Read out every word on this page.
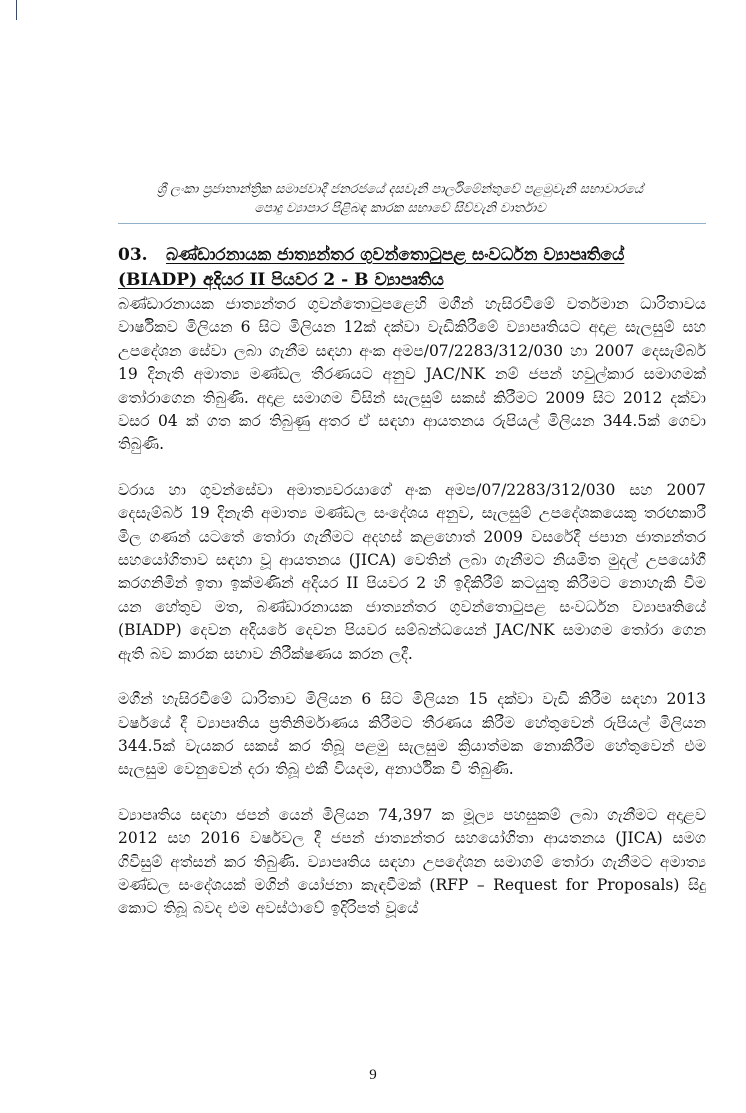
ශ්‍රී ලංකා ප්‍රජාතාන්ත්‍රික සමාජවාදී ජනරජයේ දසවැනි පාර්ලිමේන්තුවේ පළමුවැනි සභාවාරයේ
පොදු ව්‍යාපාර පිළිබඳ කාරක සභාවේ සිව්වැනි වාර්තාව
03. බණ්ඩාරනායක ජාත්‍යන්තර ගුවන්තොටුපළ සංවර්ධන ව්‍යාපෘතියේ (BIADP) අදියර II පියවර 2 - B ව්‍යාපෘතිය

බණ්ඩාරනායක ජාත්‍යන්තර ගුවන්තොටුපළෙහි මගීන් හැසිරවීමේ වර්තමාන ධාරිතාවය වාර්ෂිකව මිලියන 6 සිට මිලියන 12ක් දක්වා වැඩිකිරීමේ ව්‍යාපෘතියට අදාළ සැලසුම් සහ උපදේශන සේවා ලබා ගැනීම සඳහා අංක අමප/07/2283/312/030 හා 2007 දෙසැම්බර් 19 දිනැති අමාත්‍ය මණ්ඩල තීරණයට අනුව JAC/NK නම් ජපන් හවුල්කාර සමාගමක් තෝරාගෙන තිබුණි. අදාළ සමාගම විසින් සැලසුම් සකස් කිරීමට 2009 සිට 2012 දක්වා වසර 04 ක් ගත කර තිබුණු අතර ඒ සඳහා ආයතනය රුපියල් මිලියන 344.5ක් ගෙවා තිබුණි.

වරාය හා ගුවන්සේවා අමාත්‍යවරයාගේ අංක අමප/07/2283/312/030 සහ 2007 දෙසැම්බර් 19 දිනැති අමාත්‍ය මණ්ඩල සංදේශය අනුව, සැලසුම් උපදේශකයෙකු තරඟකාරී මිල ගණන් යටතේ තෝරා ගැනීමට අදහස් කළහොත් 2009 වසරේදී ජපාන ජාත්‍යන්තර සහයෝගිතාව සඳහා වූ ආයතනය (JICA) වෙතින් ලබා ගැනීමට නියමිත මුදල් උපයෝගී කරගනිමින් ඉතා ඉක්මණින් අදියර II පියවර 2 හි ඉදිකිරීම් කටයුතු කිරීමට නොහැකි වීම යන හේතුව මත, බණ්ඩාරනායක ජාත්‍යන්තර ගුවන්තොටුපළ සංවර්ධන ව්‍යාපෘතියේ (BIADP) දෙවන අදියරේ දෙවන පියවර සම්බන්ධයෙන් JAC/NK සමාගම තෝරා ගෙන ඇති බව කාරක සභාව නිරීක්ෂණය කරන ලදී.

මගීන් හැසිරවීමේ ධාරිතාව මිලියන 6 සිට මිලියන 15 දක්වා වැඩි කිරීම සඳහා 2013 වර්ෂයේ දී ව්‍යාපෘතිය ප්‍රතිනිර්මාණය කිරීමට තීරණය කිරීම හේතුවෙන් රුපියල් මිලියන 344.5ක් වැයකර සකස් කර තිබූ පළමු සැලසුම ක්‍රියාත්මක නොකිරීම හේතුවෙන් එම සැලසුම වෙනුවෙන් දරා තිබූ එකී වියදම, අනාර්ථික වී තිබුණි.

ව්‍යාපෘතිය සඳහා ජපන් යෙන් මිලියන 74,397 ක මූල්‍ය පහසුකම් ලබා ගැනීමට අදාළව 2012 සහ 2016 වර්ෂවල දී ජපන් ජාත්‍යන්තර සහයෝගිතා ආයතනය (JICA) සමග ගිවිසුම් අත්සන් කර තිබුණි. ව්‍යාපෘතිය සඳහා උපදේශන සමාගම් තෝරා ගැනීමට අමාත්‍ය මණ්ඩල සංදේශයක් මගින් යෝජනා කැඳවීමක් (RFP – Request for Proposals) සිදු කොට තිබූ බවද එම අවස්ථාවේ ඉදිරිපත් වූයේ

9
